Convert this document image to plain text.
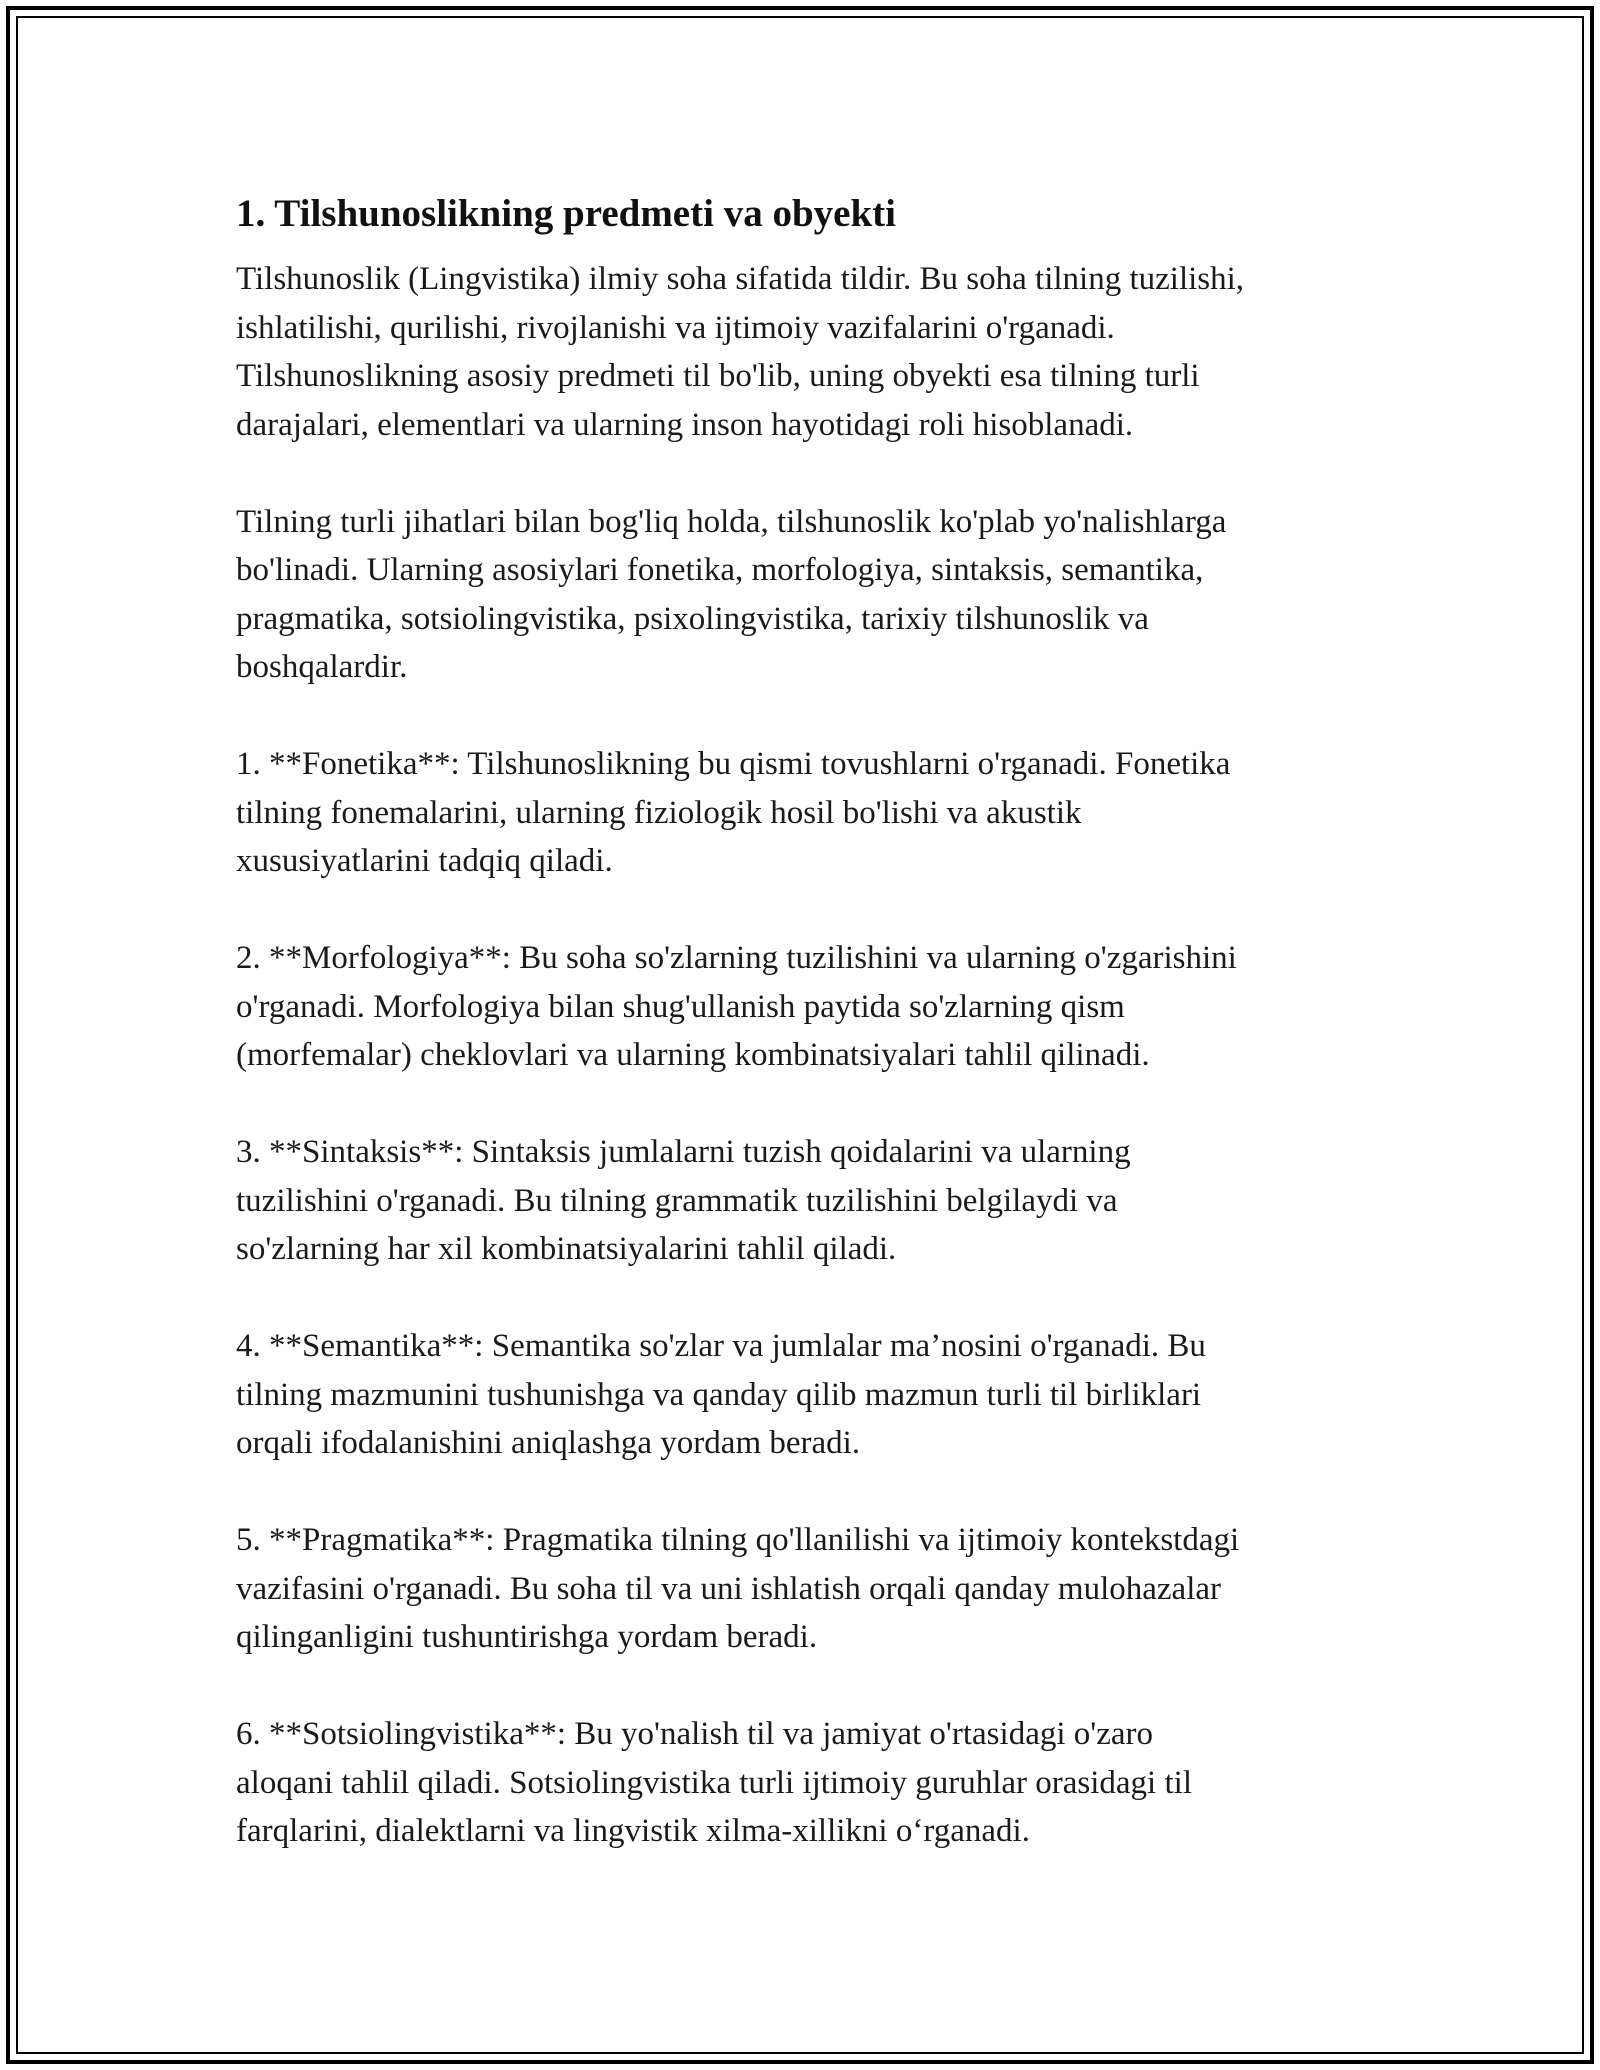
1. Tilshunoslikning predmeti va obyekti

Tilshunoslik (Lingvistika) ilmiy soha sifatida tildir. Bu soha tilning tuzilishi,
ishlatilishi, qurilishi, rivojlanishi va ijtimoiy vazifalarini o'rganadi.
Tilshunoslikning asosiy predmeti til bo'lib, uning obyekti esa tilning turli
darajalari, elementlari va ularning inson hayotidagi roli hisoblanadi.

Tilning turli jihatlari bilan bog'liq holda, tilshunoslik ko'plab yo'nalishlarga
bo'linadi. Ularning asosiylari fonetika, morfologiya, sintaksis, semantika,
pragmatika, sotsiolingvistika, psixolingvistika, tarixiy tilshunoslik va
boshqalardir.

1. **Fonetika**: Tilshunoslikning bu qismi tovushlarni o'rganadi. Fonetika
tilning fonemalarini, ularning fiziologik hosil bo'lishi va akustik
xususiyatlarini tadqiq qiladi.

2. **Morfologiya**: Bu soha so'zlarning tuzilishini va ularning o'zgarishini
o'rganadi. Morfologiya bilan shug'ullanish paytida so'zlarning qism
(morfemalar) cheklovlari va ularning kombinatsiyalari tahlil qilinadi.

3. **Sintaksis**: Sintaksis jumlalarni tuzish qoidalarini va ularning
tuzilishini o'rganadi. Bu tilning grammatik tuzilishini belgilaydi va
so'zlarning har xil kombinatsiyalarini tahlil qiladi.

4. **Semantika**: Semantika so'zlar va jumlalar ma’nosini o'rganadi. Bu
tilning mazmunini tushunishga va qanday qilib mazmun turli til birliklari
orqali ifodalanishini aniqlashga yordam beradi.

5. **Pragmatika**: Pragmatika tilning qo'llanilishi va ijtimoiy kontekstdagi
vazifasini o'rganadi. Bu soha til va uni ishlatish orqali qanday mulohazalar
qilinganligini tushuntirishga yordam beradi.

6. **Sotsiolingvistika**: Bu yo'nalish til va jamiyat o'rtasidagi o'zaro
aloqani tahlil qiladi. Sotsiolingvistika turli ijtimoiy guruhlar orasidagi til
farqlarini, dialektlarni va lingvistik xilma-xillikni o‘rganadi.
